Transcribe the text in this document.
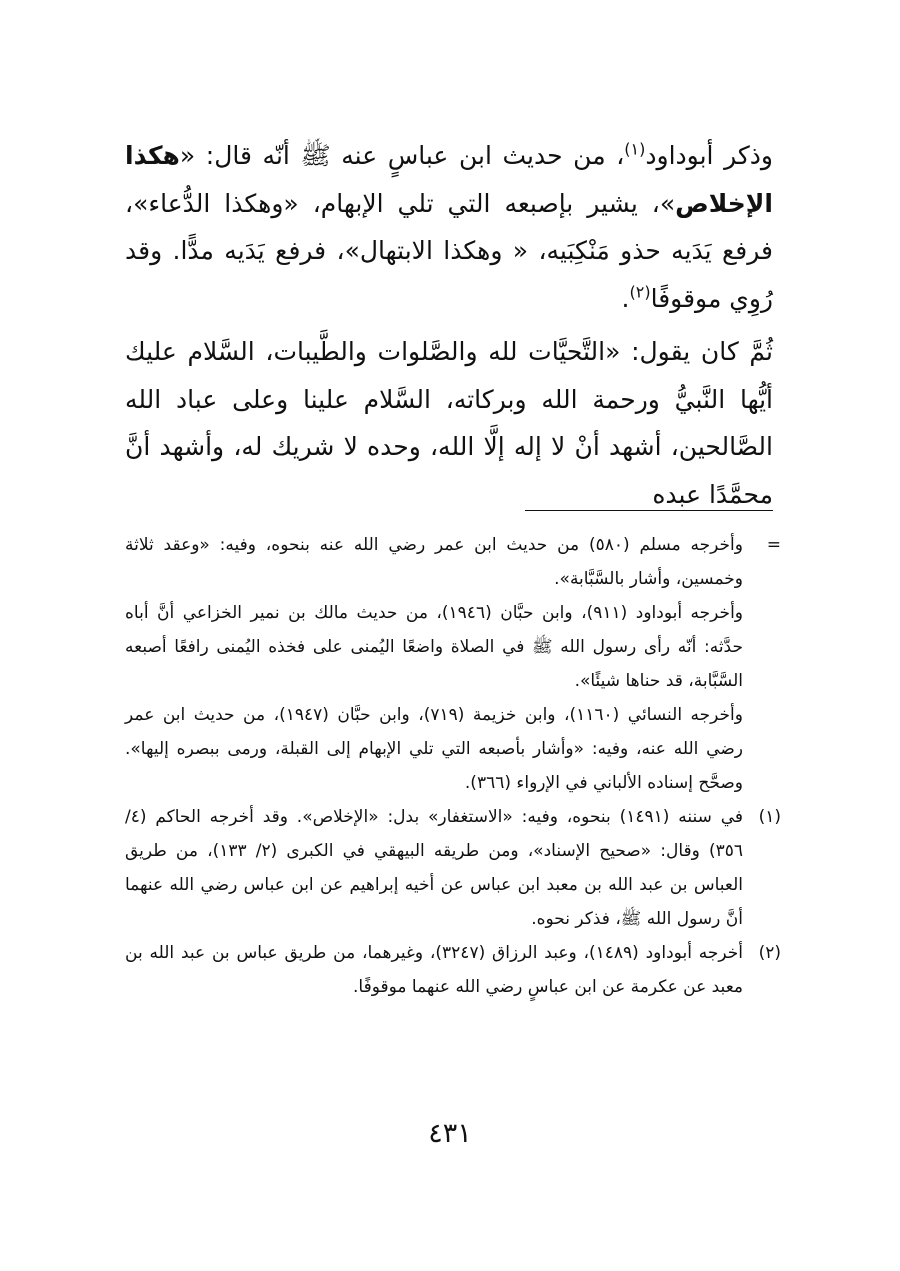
وذكر أبوداود$^{(١)}$، من حديث ابن عباسٍ عنه ﷺ أنّه قال: «هكذا الإخلاص»، يشير بإصبعه التي تلي الإبهام، «وهكذا الدُّعاء»، فرفع يَدَيه حذو مَنْكِبَيه، « وهكذا الابتهال»، فرفع يَدَيه مدًّا. وقد رُوِي موقوفًا$^{(٢)}$.

ثُمَّ كان يقول: «التَّحيَّات لله والصَّلوات والطَّيبات، السَّلام عليك أيُّها النَّبيُّ ورحمة الله وبركاته، السَّلام علينا وعلى عباد الله الصَّالحين، أشهد أنْ لا إله إلَّا الله، وحده لا شريك له، وأشهد أنَّ محمَّدًا عبده

=

وأخرجه مسلم (٥٨٠) من حديث ابن عمر رضي الله عنه بنحوه، وفيه: «وعقد ثلاثة وخمسين، وأشار بالسَّبَّابة».

وأخرجه أبوداود (٩١١)، وابن حبَّان (١٩٤٦)، من حديث مالك بن نمير الخزاعي أنَّ أباه حدَّثه: أنّه رأى رسول الله ﷺ في الصلاة واضعًا اليُمنى على فخذه اليُمنى رافعًا أصبعه السَّبَّابة، قد حناها شيئًا».

وأخرجه النسائي (١١٦٠)، وابن خزيمة (٧١٩)، وابن حبَّان (١٩٤٧)، من حديث ابن عمر رضي الله عنه، وفيه: «وأشار بأصبعه التي تلي الإبهام إلى القبلة، ورمى ببصره إليها». وصحَّح إسناده الألباني في الإرواء (٣٦٦).

(١)

في سننه (١٤٩١) بنحوه، وفيه: «الاستغفار» بدل: «الإخلاص». وقد أخرجه الحاكم (٤/ ٣٥٦) وقال: «صحيح الإسناد»، ومن طريقه البيهقي في الكبرى (٢/ ١٣٣)، من طريق العباس بن عبد الله بن معبد ابن عباس عن أخيه إبراهيم عن ابن عباس رضي الله عنهما أنَّ رسول الله ﷺ، فذكر نحوه.

(٢)

أخرجه أبوداود (١٤٨٩)، وعبد الرزاق (٣٢٤٧)، وغيرهما، من طريق عباس بن عبد الله بن معبد عن عكرمة عن ابن عباسٍ رضي الله عنهما موقوفًا.

٤٣١
